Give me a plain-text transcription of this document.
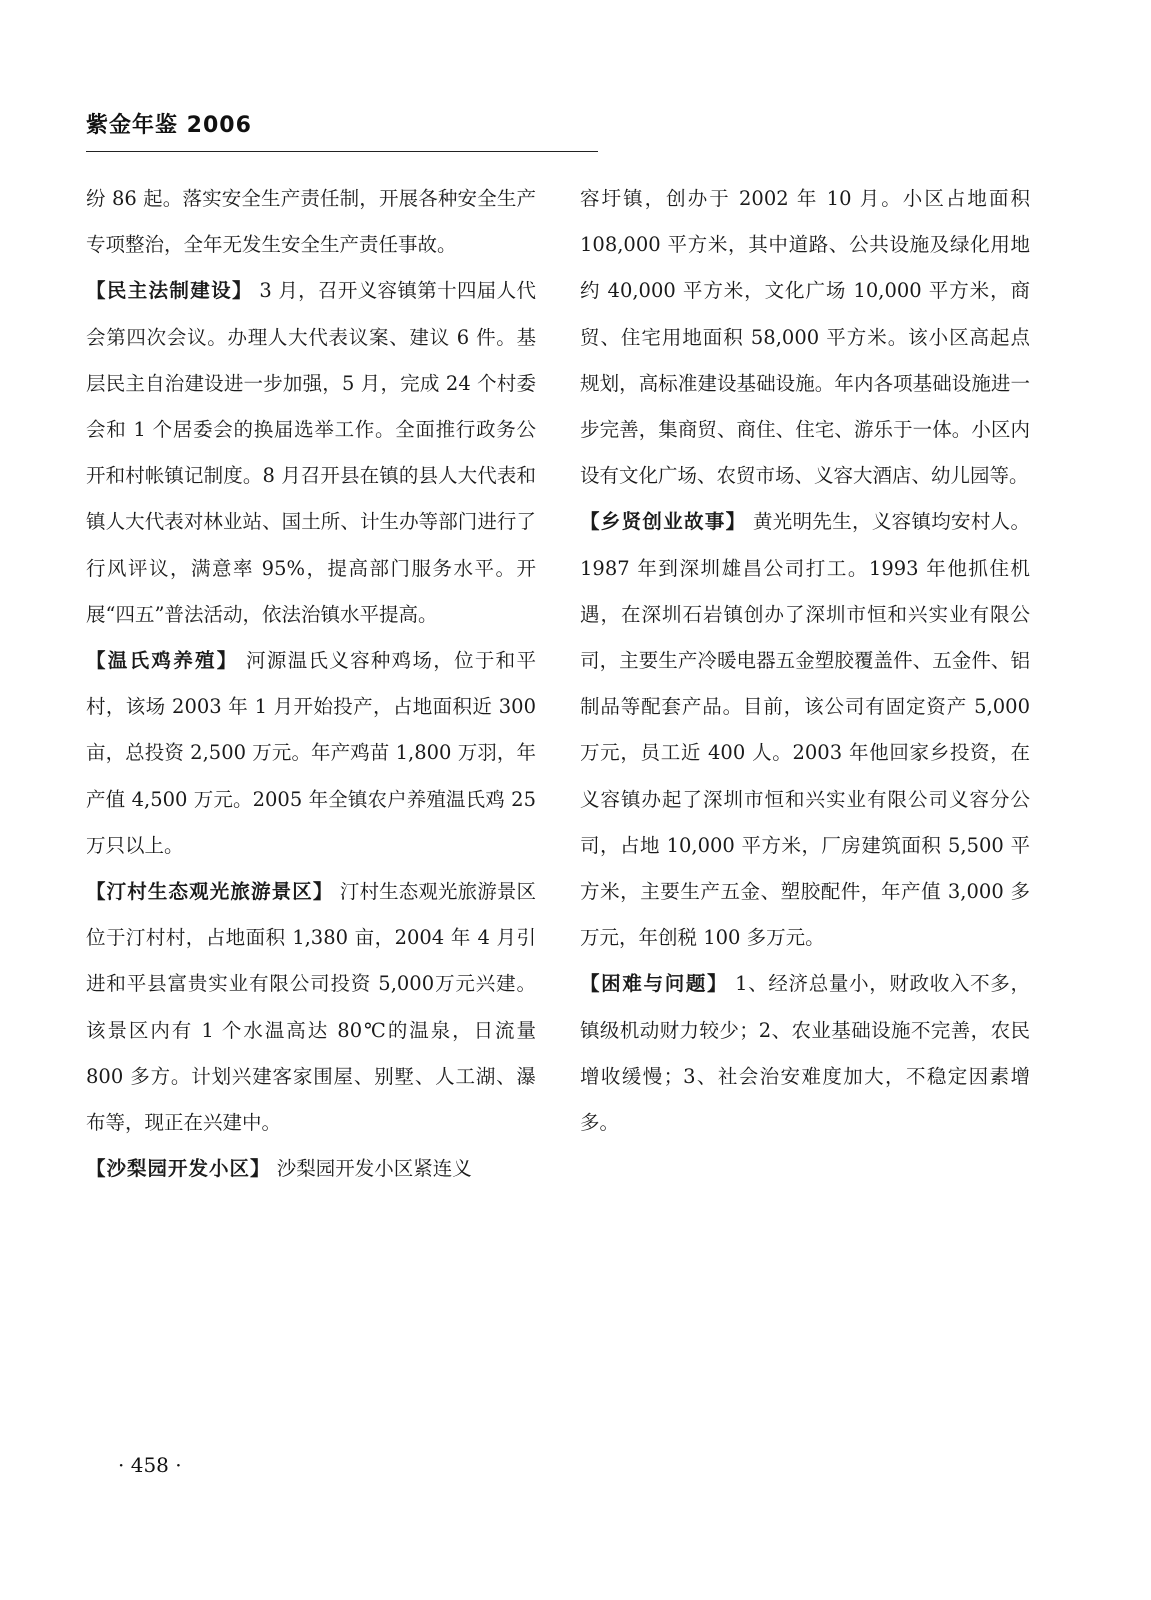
紫金年鉴 2006

纷 86 起。落实安全生产责任制，开展各种安全生产专项整治，全年无发生安全生产责任事故。

【民主法制建设】 3 月，召开义容镇第十四届人代会第四次会议。办理人大代表议案、建议 6 件。基层民主自治建设进一步加强，5 月，完成 24 个村委会和 1 个居委会的换届选举工作。全面推行政务公开和村帐镇记制度。8 月召开县在镇的县人大代表和镇人大代表对林业站、国土所、计生办等部门进行了行风评议，满意率 95%，提高部门服务水平。开展“四五”普法活动，依法治镇水平提高。

【温氏鸡养殖】 河源温氏义容种鸡场，位于和平村，该场 2003 年 1 月开始投产，占地面积近 300 亩，总投资 2,500 万元。年产鸡苗 1,800 万羽，年产值 4,500 万元。2005 年全镇农户养殖温氏鸡 25 万只以上。

【汀村生态观光旅游景区】 汀村生态观光旅游景区位于汀村村，占地面积 1,380 亩，2004 年 4 月引进和平县富贵实业有限公司投资 5,000万元兴建。该景区内有 1 个水温高达 80℃的温泉，日流量 800 多方。计划兴建客家围屋、别墅、人工湖、瀑布等，现正在兴建中。

【沙梨园开发小区】 沙梨园开发小区紧连义

容圩镇，创办于 2002 年 10 月。小区占地面积 108,000 平方米，其中道路、公共设施及绿化用地约 40,000 平方米，文化广场 10,000 平方米，商贸、住宅用地面积 58,000 平方米。该小区高起点规划，高标准建设基础设施。年内各项基础设施进一步完善，集商贸、商住、住宅、游乐于一体。小区内设有文化广场、农贸市场、义容大酒店、幼儿园等。

【乡贤创业故事】 黄光明先生，义容镇均安村人。1987 年到深圳雄昌公司打工。1993 年他抓住机遇，在深圳石岩镇创办了深圳市恒和兴实业有限公司，主要生产冷暖电器五金塑胶覆盖件、五金件、铝制品等配套产品。目前，该公司有固定资产 5,000 万元，员工近 400 人。2003 年他回家乡投资，在义容镇办起了深圳市恒和兴实业有限公司义容分公司，占地 10,000 平方米，厂房建筑面积 5,500 平方米，主要生产五金、塑胶配件，年产值 3,000 多万元，年创税 100 多万元。

【困难与问题】 1、经济总量小，财政收入不多，镇级机动财力较少；2、农业基础设施不完善，农民增收缓慢；3、社会治安难度加大，不稳定因素增多。

· 458 ·
